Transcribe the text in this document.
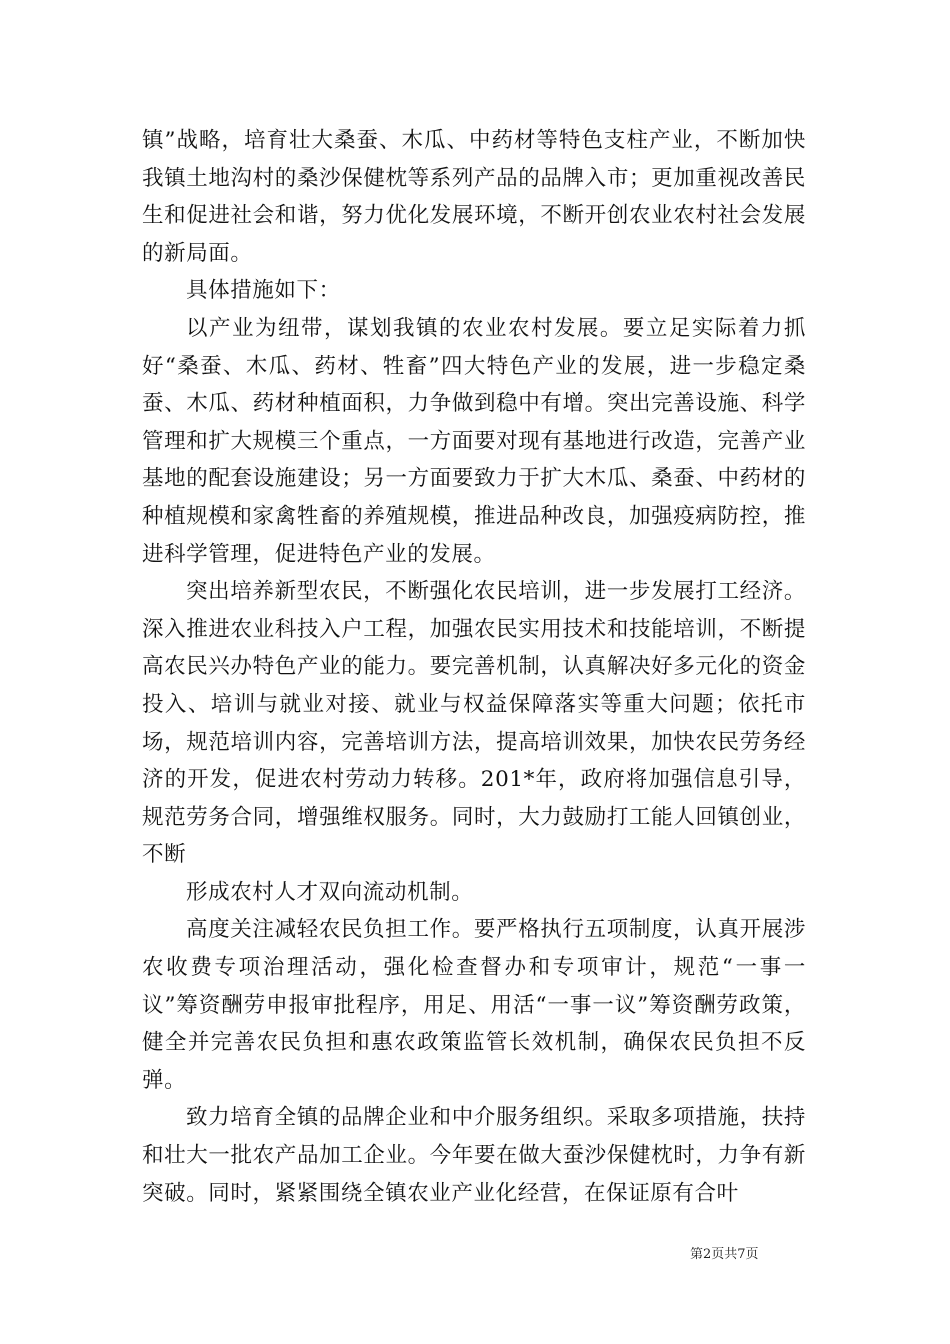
镇”战略，培育壮大桑蚕、木瓜、中药材等特色支柱产业，不断加快我镇土地沟村的桑沙保健枕等系列产品的品牌入市；更加重视改善民生和促进社会和谐，努力优化发展环境，不断开创农业农村社会发展的新局面。

具体措施如下：

以产业为纽带，谋划我镇的农业农村发展。要立足实际着力抓好“桑蚕、木瓜、药材、牲畜”四大特色产业的发展，进一步稳定桑蚕、木瓜、药材种植面积，力争做到稳中有增。突出完善设施、科学管理和扩大规模三个重点，一方面要对现有基地进行改造，完善产业基地的配套设施建设；另一方面要致力于扩大木瓜、桑蚕、中药材的种植规模和家禽牲畜的养殖规模，推进品种改良，加强疫病防控，推进科学管理，促进特色产业的发展。

突出培养新型农民，不断强化农民培训，进一步发展打工经济。深入推进农业科技入户工程，加强农民实用技术和技能培训，不断提高农民兴办特色产业的能力。要完善机制，认真解决好多元化的资金投入、培训与就业对接、就业与权益保障落实等重大问题；依托市场，规范培训内容，完善培训方法，提高培训效果，加快农民劳务经济的开发，促进农村劳动力转移。201*年，政府将加强信息引导，规范劳务合同，增强维权服务。同时，大力鼓励打工能人回镇创业，不断

形成农村人才双向流动机制。

高度关注减轻农民负担工作。要严格执行五项制度，认真开展涉农收费专项治理活动，强化检查督办和专项审计，规范“一事一议”筹资酬劳申报审批程序，用足、用活“一事一议”筹资酬劳政策，健全并完善农民负担和惠农政策监管长效机制，确保农民负担不反弹。

致力培育全镇的品牌企业和中介服务组织。采取多项措施，扶持和壮大一批农产品加工企业。今年要在做大蚕沙保健枕时，力争有新突破。同时，紧紧围绕全镇农业产业化经营，在保证原有合叶

第2页共7页
